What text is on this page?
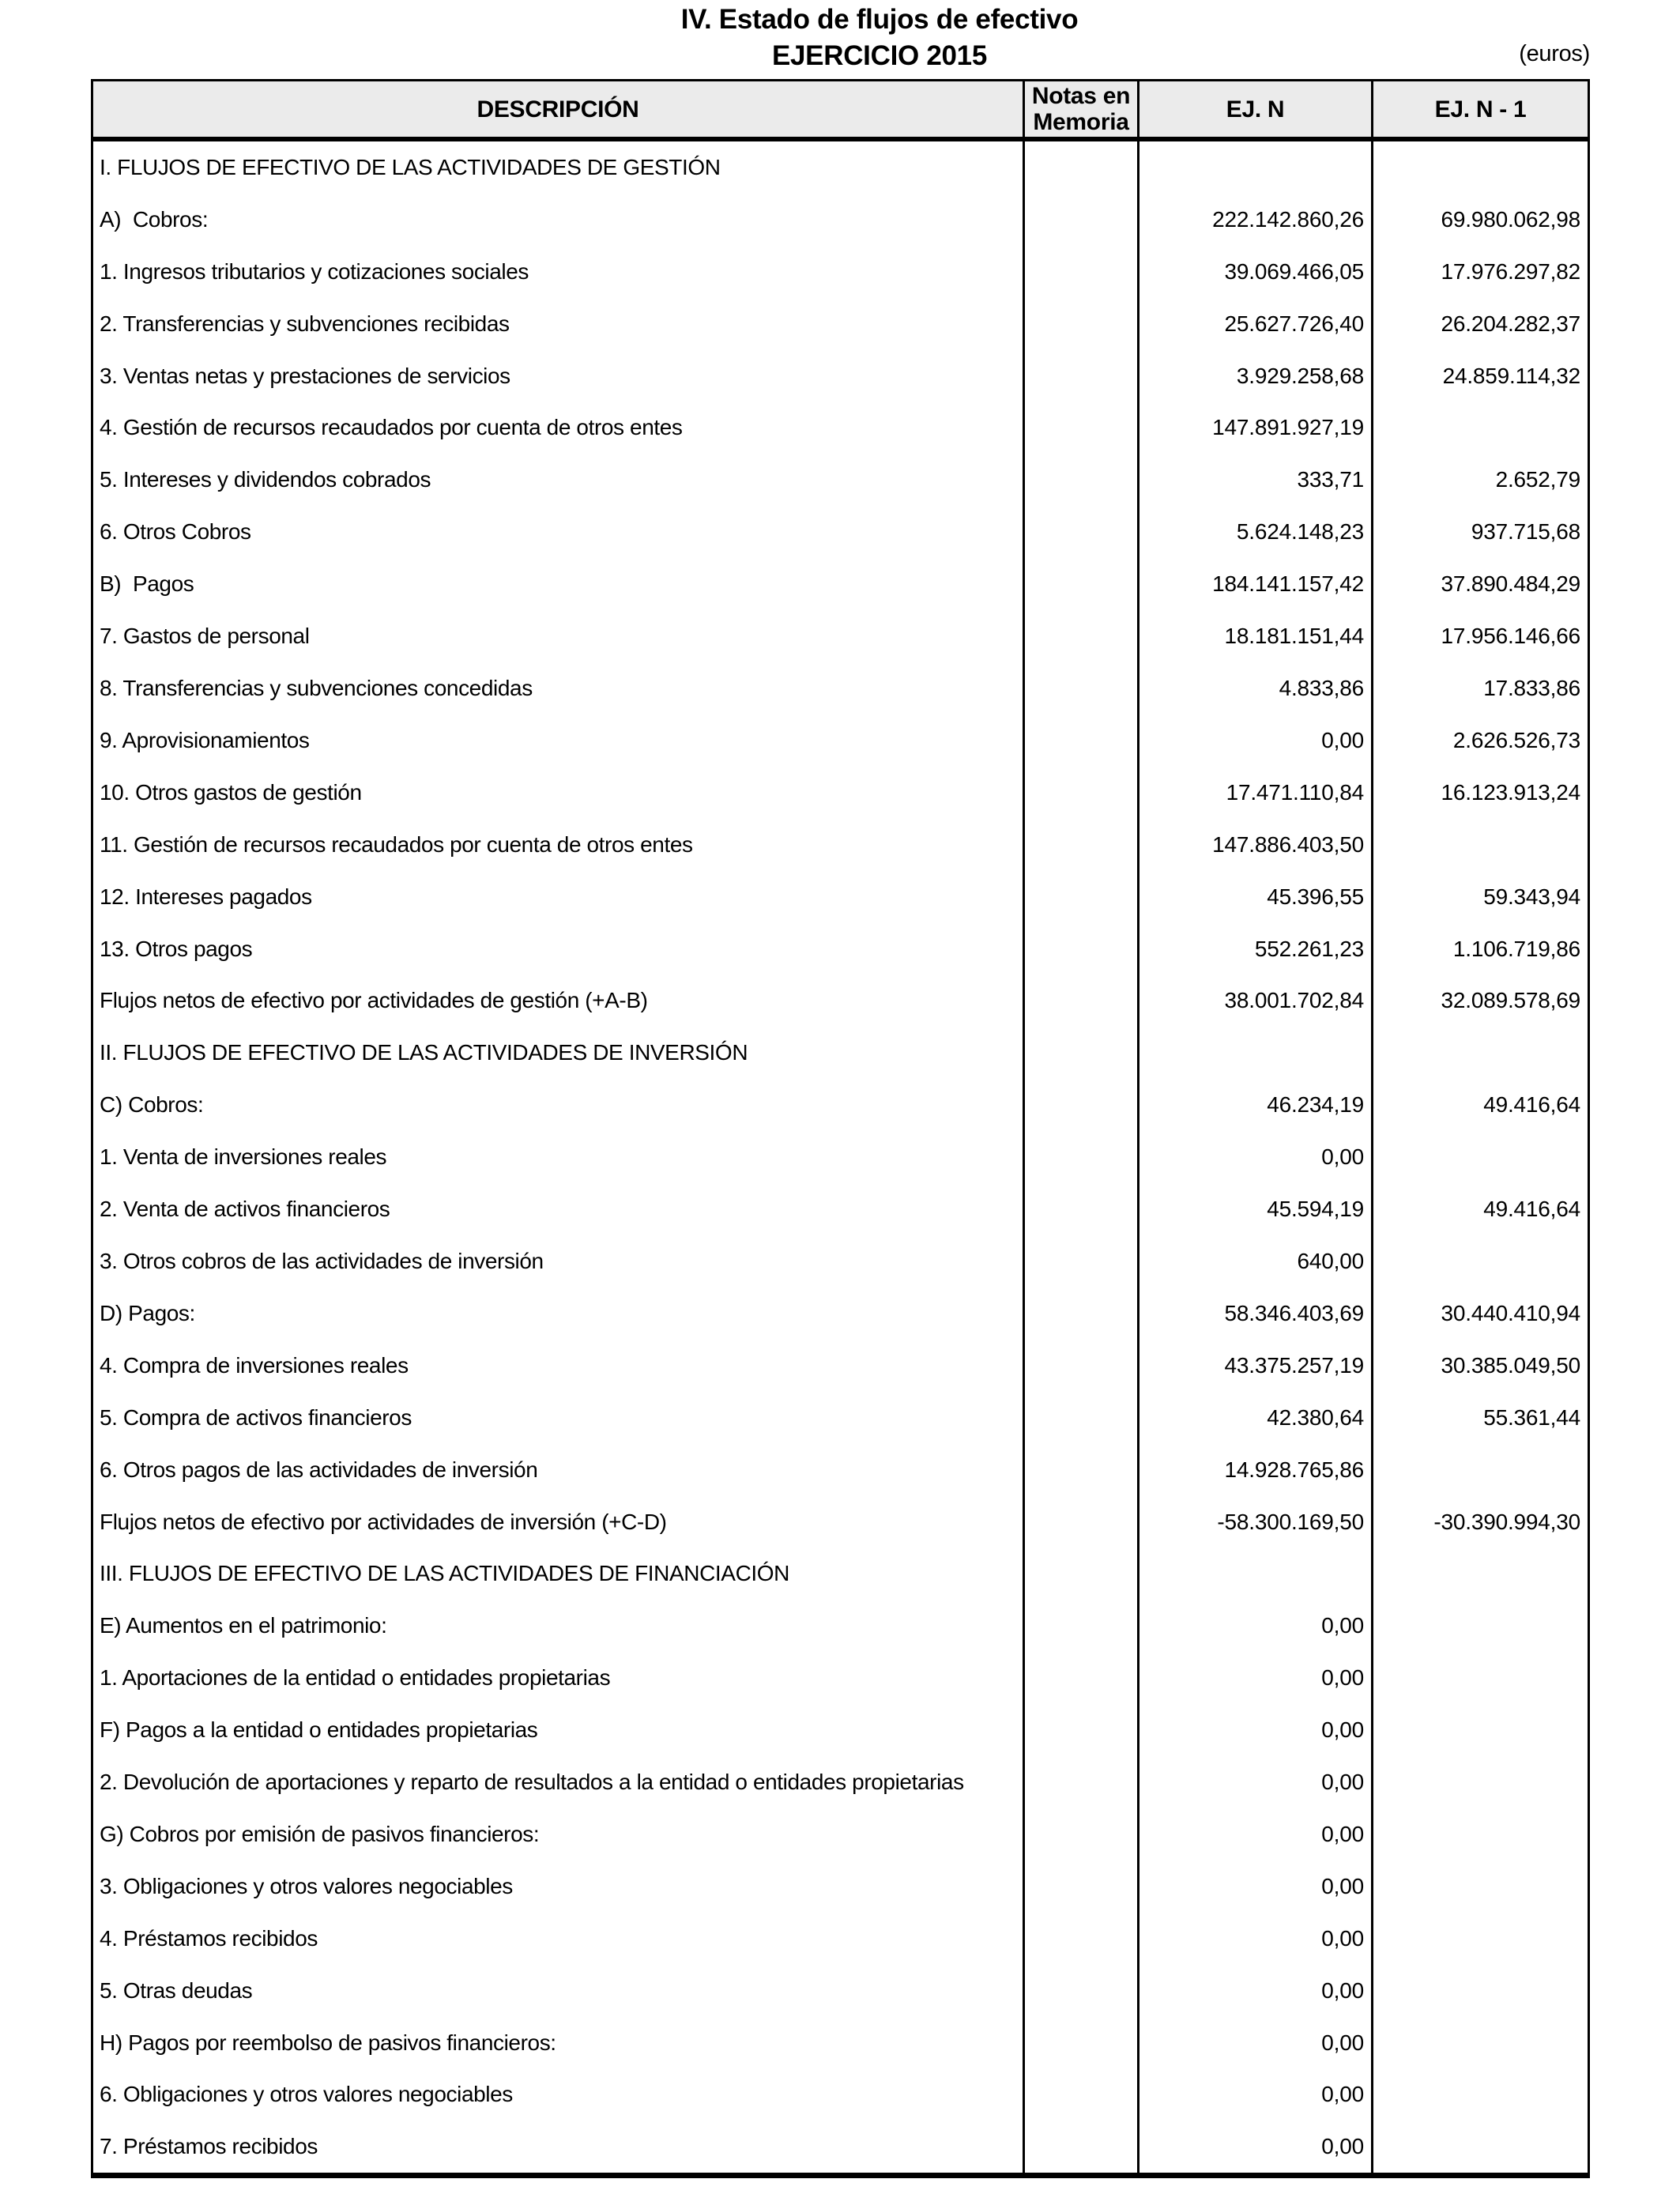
IV. Estado de flujos de efectivo
EJERCICIO 2015	(euros)
DESCRIPCIÓN	Notas en Memoria	EJ. N	EJ. N - 1
I. FLUJOS DE EFECTIVO DE LAS ACTIVIDADES DE GESTIÓN
A)  Cobros:	222.142.860,26	69.980.062,98
1. Ingresos tributarios y cotizaciones sociales	39.069.466,05	17.976.297,82
2. Transferencias y subvenciones recibidas	25.627.726,40	26.204.282,37
3. Ventas netas y prestaciones de servicios	3.929.258,68	24.859.114,32
4. Gestión de recursos recaudados por cuenta de otros entes	147.891.927,19
5. Intereses y dividendos cobrados	333,71	2.652,79
6. Otros Cobros	5.624.148,23	937.715,68
B)  Pagos	184.141.157,42	37.890.484,29
7. Gastos de personal	18.181.151,44	17.956.146,66
8. Transferencias y subvenciones concedidas	4.833,86	17.833,86
9. Aprovisionamientos	0,00	2.626.526,73
10. Otros gastos de gestión	17.471.110,84	16.123.913,24
11. Gestión de recursos recaudados por cuenta de otros entes	147.886.403,50
12. Intereses pagados	45.396,55	59.343,94
13. Otros pagos	552.261,23	1.106.719,86
Flujos netos de efectivo por actividades de gestión (+A-B)	38.001.702,84	32.089.578,69
II. FLUJOS DE EFECTIVO DE LAS ACTIVIDADES DE INVERSIÓN
C) Cobros:	46.234,19	49.416,64
1. Venta de inversiones reales	0,00
2. Venta de activos financieros	45.594,19	49.416,64
3. Otros cobros de las actividades de inversión	640,00
D) Pagos:	58.346.403,69	30.440.410,94
4. Compra de inversiones reales	43.375.257,19	30.385.049,50
5. Compra de activos financieros	42.380,64	55.361,44
6. Otros pagos de las actividades de inversión	14.928.765,86
Flujos netos de efectivo por actividades de inversión (+C-D)	-58.300.169,50	-30.390.994,30
III. FLUJOS DE EFECTIVO DE LAS ACTIVIDADES DE FINANCIACIÓN
E) Aumentos en el patrimonio:	0,00
1. Aportaciones de la entidad o entidades propietarias	0,00
F) Pagos a la entidad o entidades propietarias	0,00
2. Devolución de aportaciones y reparto de resultados a la entidad o entidades propietarias	0,00
G) Cobros por emisión de pasivos financieros:	0,00
3. Obligaciones y otros valores negociables	0,00
4. Préstamos recibidos	0,00
5. Otras deudas	0,00
H) Pagos por reembolso de pasivos financieros:	0,00
6. Obligaciones y otros valores negociables	0,00
7. Préstamos recibidos	0,00
